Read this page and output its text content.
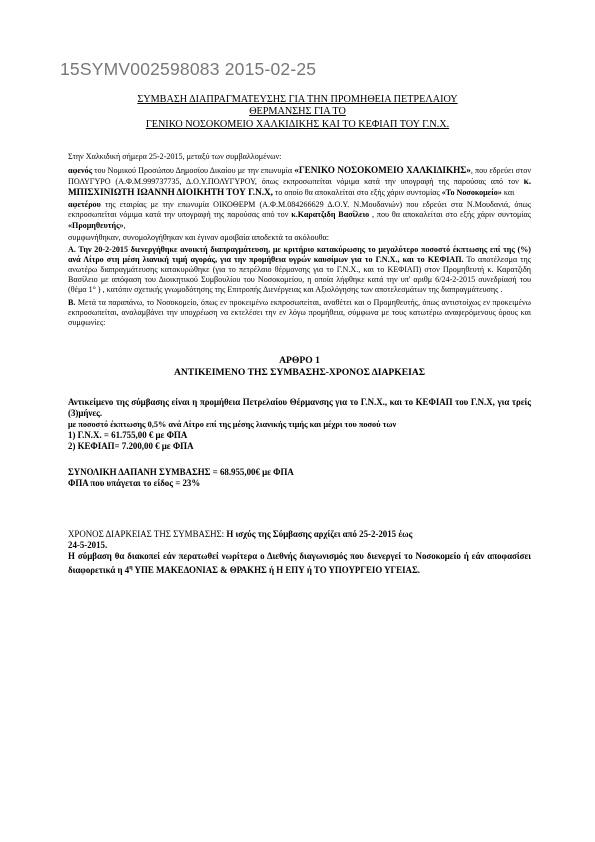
15SYMV002598083 2015-02-25
ΣΥΜΒΑΣΗ ΔΙΑΠΡΑΓΜΑΤΕΥΣΗΣ ΓΙΑ ΤΗΝ ΠΡΟΜΗΘΕΙΑ ΠΕΤΡΕΛΑΙΟΥ
ΘΕΡΜΑΝΣΗΣ ΓΙΑ ΤΟ
ΓΕΝΙΚΟ ΝΟΣΟΚΟΜΕΙΟ ΧΑΛΚΙΔΙΚΗΣ ΚΑΙ ΤΟ ΚΕΦΙΑΠ ΤΟΥ Γ.Ν.Χ.
Στην Χαλκιδική σήμερα 25-2-2015, μεταξύ των συμβαλλομένων:
αφενός του Νομικού Προσώπου Δημοσίου Δικαίου με την επωνυμία «ΓΕΝΙΚΟ ΝΟΣΟΚΟΜΕΙΟ ΧΑΛΚΙΔΙΚΗΣ», που εδρεύει στον ΠΟΛΥΓΥΡΟ (Α.Φ.Μ.999737735, Δ.Ο.Υ.ΠΟΛΥΓΥΡΟΥ, όπως εκπροσωπείται νόμιμα κατά την υπογραφή της παρούσας από τον κ. ΜΠΙΣΧΙΝΙΩΤΗ ΙΩΑΝΝΗ ΔΙΟΙΚΗΤΗ ΤΟΥ Γ.Ν.Χ, το οποίο θα αποκαλείται στο εξής χάριν συντομίας «Το Νοσοκομείο» και
αφετέρου της εταιρίας με την επωνυμία ΟΙΚΟΘΕΡΜ (Α.Φ.Μ.084266629 Δ.Ο.Υ. Ν.Μουδανιών) που εδρεύει στα Ν.Μουδανιά, όπως εκπροσωπείται νόμιμα κατά την υπογραφή της παρούσας από τον κ.Καρατζιδη Βασίλειο , που θα αποκαλείται στο εξής χάριν συντομίας «Προμηθευτής»,
συμφωνήθηκαν, συνομολογήθηκαν και έγιναν αμοιβαία αποδεκτά τα ακόλουθα:
Α. Την 20-2-2015 διενεργήθηκε ανοικτή διαπραγμάτευση, με κριτήριο κατακύρωσης το μεγαλύτερο ποσοστό έκπτωσης επί της (%) ανά Λίτρο στη μέση λιανική τιμή αγοράς, για την προμήθεια υγρών καυσίμων για το Γ.Ν.Χ., και το ΚΕΦΙΑΠ. Το αποτέλεσμα της ανωτέρω διαπραγμάτευσης κατακυρώθηκε (για το πετρέλαιο θέρμανσης για το Γ.Ν.Χ., και το ΚΕΦΙΑΠ) στον Προμηθευτή κ. Καρατζιδη Βασίλειο με απόφαση του Διοικητικού Συμβουλίου του Νοσοκομείου, η οποία λήφθηκε κατά την υπ' αριθμ 6/24-2-2015 συνεδρίασή του (θέμα 1° ) , κατόπιν σχετικής γνωμοδότησης της Επιτροπής Διενέργειας και Αξιολόγησης των αποτελεσμάτων της διαπραγμάτευσης .
Β. Μετά τα παραπάνω, το Νοσοκομείο, όπως εν προκειμένω εκπροσωπείται, αναθέτει και ο Προμηθευτής, όπως αντιστοίχως εν προκειμένω εκπροσωπείται, αναλαμβάνει την υποχρέωση να εκτελέσει την εν λόγω προμήθεια, σύμφωνα με τους κατωτέρω αναφερόμενους όρους και συμφωνίες:
ΑΡΘΡΟ 1
ΑΝΤΙΚΕΙΜΕΝΟ ΤΗΣ ΣΥΜΒΑΣΗΣ-ΧΡΟΝΟΣ ΔΙΑΡΚΕΙΑΣ
Αντικείμενο της σύμβασης είναι η προμήθεια Πετρελαίου Θέρμανσης για το Γ.Ν.Χ., και το ΚΕΦΙΑΠ του Γ.Ν.Χ, για τρείς (3)μήνες.
με ποσοστό έκπτωσης 0,5% ανά Λίτρο επί της μέσης λιανικής τιμής και μέχρι του ποσού των
1) Γ.Ν.Χ. = 61.755,00 € με ΦΠΑ
2) ΚΕΦΙΑΠ= 7.200,00 € με ΦΠΑ
ΣΥΝΟΛΙΚΗ ΔΑΠΑΝΗ ΣΥΜΒΑΣΗΣ = 68.955,00€ με ΦΠΑ
ΦΠΑ που υπάγεται το είδος = 23%
ΧΡΟΝΟΣ ΔΙΑΡΚΕΙΑΣ ΤΗΣ ΣΥΜΒΑΣΗΣ: Η ισχύς της Σύμβασης αρχίζει από 25-2-2015 έως
24-5-2015.
Η σύμβαση θα διακοπεί εάν περατωθεί νωρίτερα ο Διεθνής διαγωνισμός που διενεργεί το Νοσοκομείο ή εάν αποφασίσει διαφορετικά η $4^\eta$ ΥΠΕ ΜΑΚΕΔΟΝΙΑΣ & ΘΡΑΚΗΣ ή Η ΕΠΥ ή ΤΟ ΥΠΟΥΡΓΕΙΟ ΥΓΕΙΑΣ.
